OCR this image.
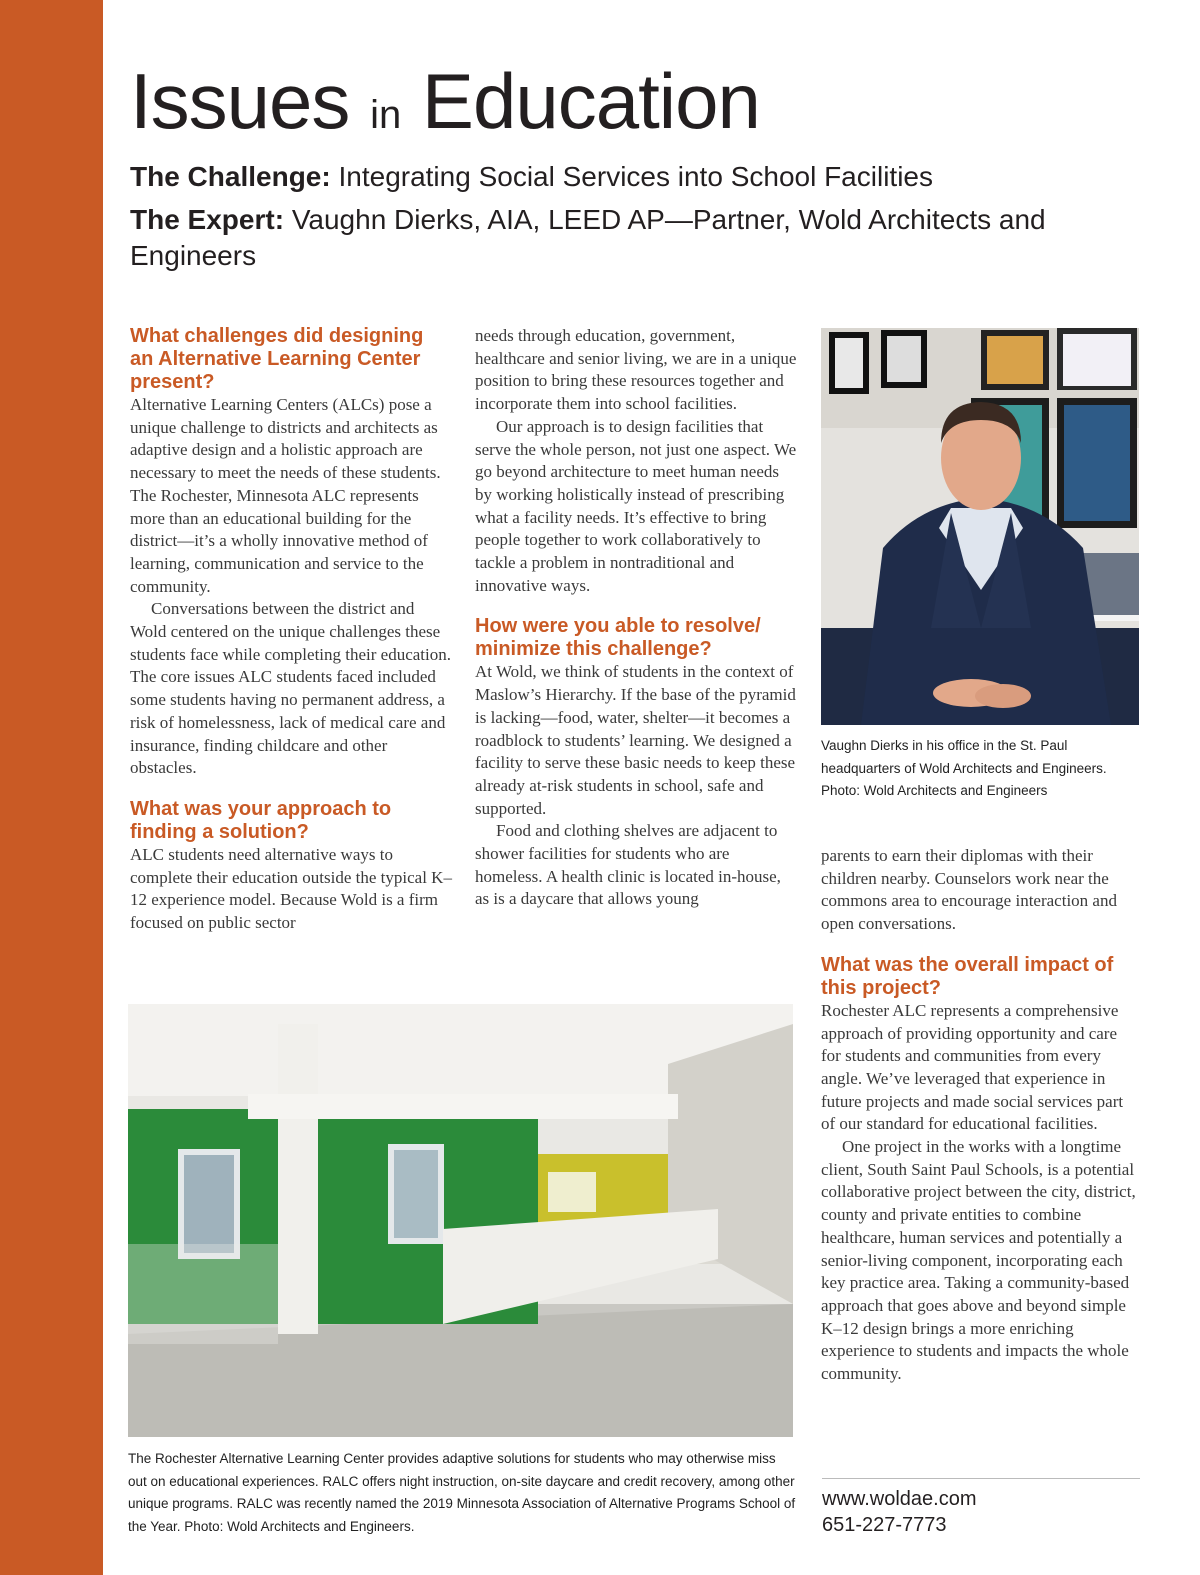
Issues in Education
The Challenge: Integrating Social Services into School Facilities
The Expert: Vaughn Dierks, AIA, LEED AP—Partner, Wold Architects and Engineers
What challenges did designing an Alternative Learning Center present?

Alternative Learning Centers (ALCs) pose a unique challenge to districts and architects as adaptive design and a holistic approach are necessary to meet the needs of these students. The Rochester, Minnesota ALC represents more than an educational building for the district—it’s a wholly innovative method of learning, communication and service to the community.

Conversations between the district and Wold centered on the unique challenges these students face while completing their education. The core issues ALC students faced included some students having no permanent address, a risk of homelessness, lack of medical care and insurance, finding childcare and other obstacles.

What was your approach to finding a solution?

ALC students need alternative ways to complete their education outside the typical K–12 experience model. Because Wold is a firm focused on public sector

needs through education, government, healthcare and senior living, we are in a unique position to bring these resources together and incorporate them into school facilities.

Our approach is to design facilities that serve the whole person, not just one aspect. We go beyond architecture to meet human needs by working holistically instead of prescribing what a facility needs. It’s effective to bring people together to work collaboratively to tackle a problem in nontraditional and innovative ways.

How were you able to resolve/ minimize this challenge?

At Wold, we think of students in the context of Maslow’s Hierarchy. If the base of the pyramid is lacking—food, water, shelter—it becomes a roadblock to students’ learning. We designed a facility to serve these basic needs to keep these already at-risk students in school, safe and supported.

Food and clothing shelves are adjacent to shower facilities for students who are homeless. A health clinic is located in-house, as is a daycare that allows young

Vaughn Dierks in his office in the St. Paul headquarters of Wold Architects and Engineers. Photo: Wold Architects and Engineers

parents to earn their diplomas with their children nearby. Counselors work near the commons area to encourage interaction and open conversations.

What was the overall impact of this project?

Rochester ALC represents a comprehensive approach of providing opportunity and care for students and communities from every angle. We’ve leveraged that experience in future projects and made social services part of our standard for educational facilities.

One project in the works with a longtime client, South Saint Paul Schools, is a potential collaborative project between the city, district, county and private entities to combine healthcare, human services and potentially a senior-living component, incorporating each key practice area. Taking a community-based approach that goes above and beyond simple K–12 design brings a more enriching experience to students and impacts the whole community.

The Rochester Alternative Learning Center provides adaptive solutions for students who may otherwise miss out on educational experiences. RALC offers night instruction, on-site daycare and credit recovery, among other unique programs. RALC was recently named the 2019 Minnesota Association of Alternative Programs School of the Year. Photo: Wold Architects and Engineers.
www.woldae.com
651-227-7773
